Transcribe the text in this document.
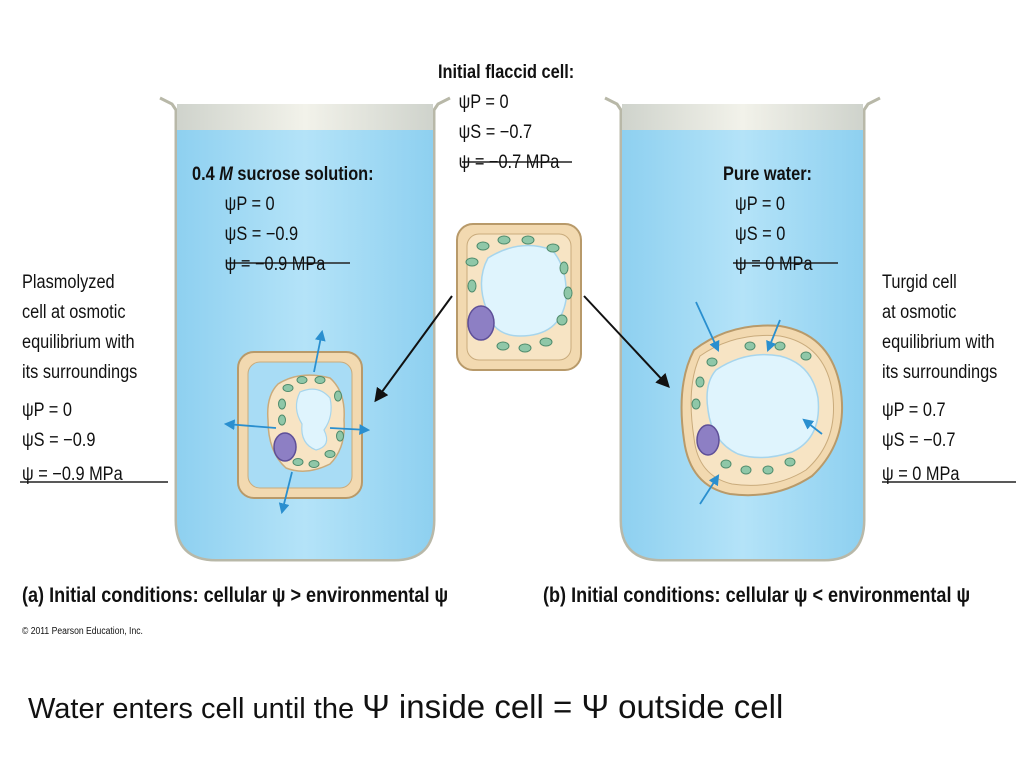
Initial flaccid cell:
ψP = 0
ψS = −0.7
ψ = −0.7 MPa
0.4 M sucrose solution:
ψP = 0
ψS = −0.9
ψ = −0.9 MPa
Pure water:
ψP = 0
ψS = 0
ψ = 0 MPa
Plasmolyzed
cell at osmotic
equilibrium with
its surroundings
ψP = 0
ψS = −0.9
ψ = −0.9 MPa
Turgid cell
at osmotic
equilibrium with
its surroundings
ψP = 0.7
ψS = −0.7
ψ = 0 MPa
(a) Initial conditions: cellular ψ > environmental ψ	(b) Initial conditions: cellular ψ < environmental ψ
© 2011 Pearson Education, Inc.
Water enters cell until the Ψ inside cell = Ψ outside cell
